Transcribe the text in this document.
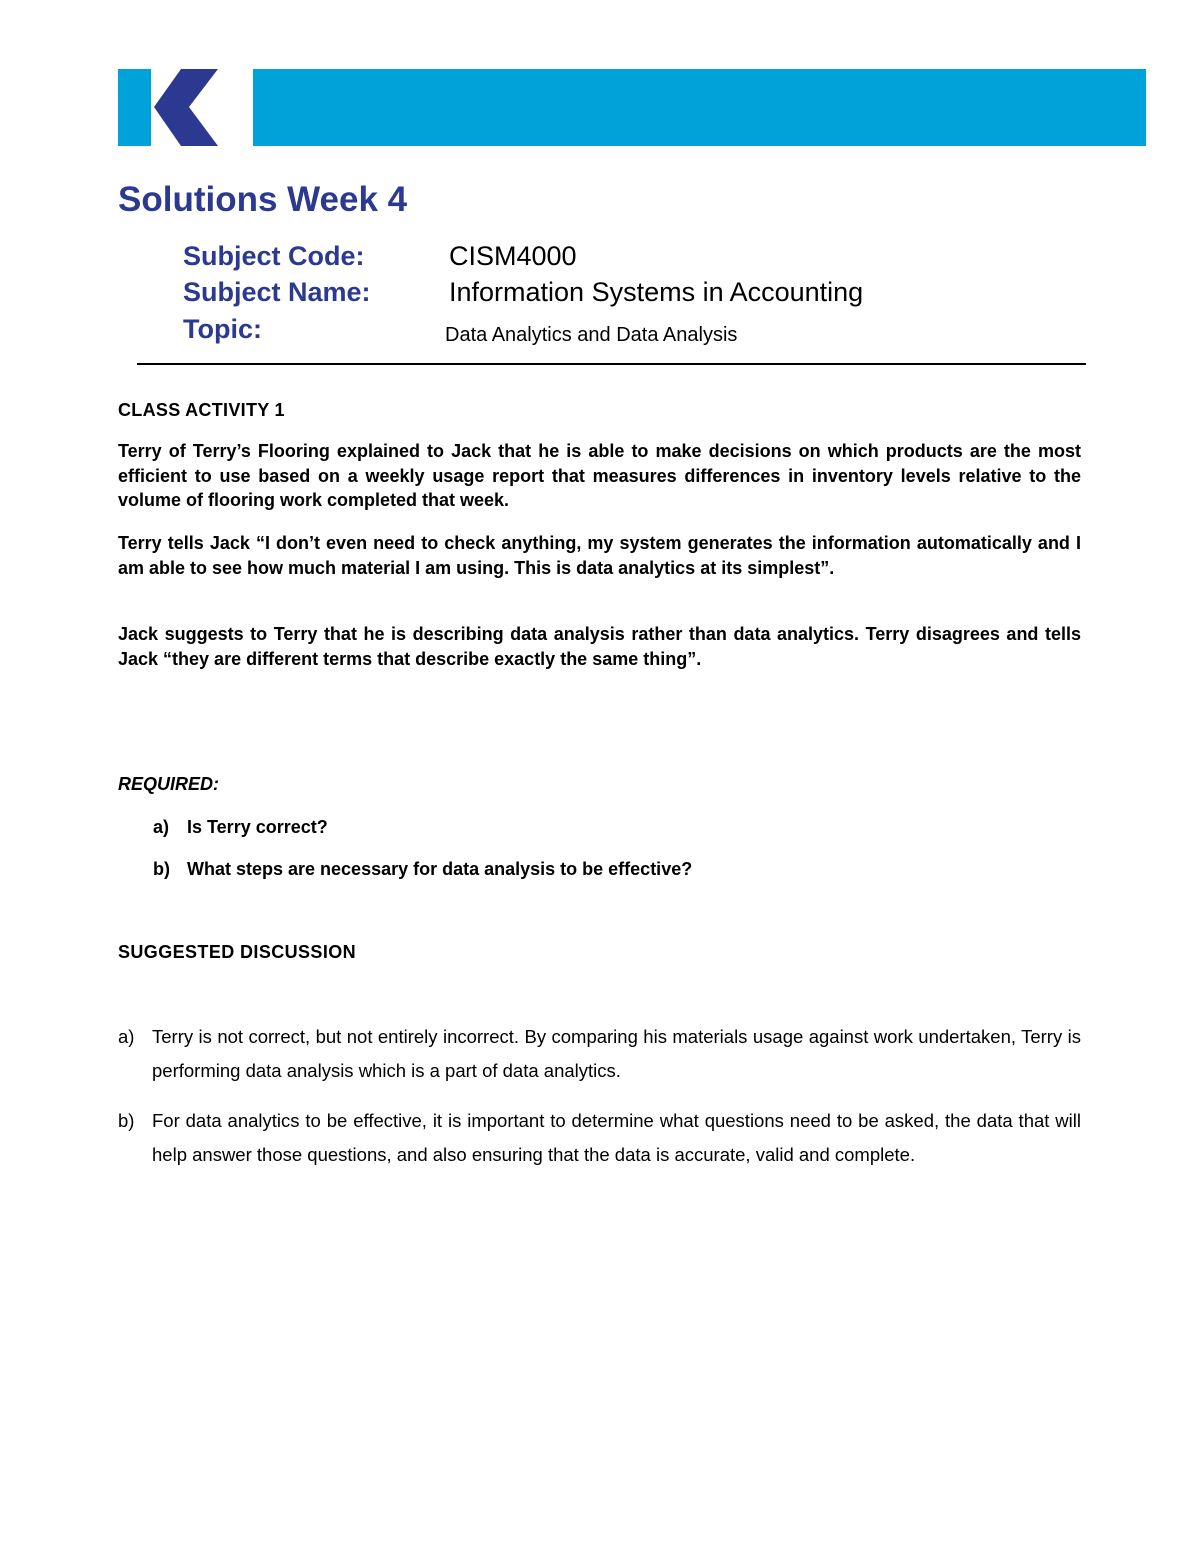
Solutions Week 4
Subject Code:	CISM4000
Subject Name:	Information Systems in Accounting
Topic:	Data Analytics and Data Analysis
CLASS ACTIVITY 1

Terry of Terry’s Flooring explained to Jack that he is able to make decisions on which products are the most efficient to use based on a weekly usage report that measures differences in inventory levels relative to the volume of flooring work completed that week.

Terry tells Jack “I don’t even need to check anything, my system generates the information automatically and I am able to see how much material I am using. This is data analytics at its simplest”.

Jack suggests to Terry that he is describing data analysis rather than data analytics. Terry disagrees and tells Jack “they are different terms that describe exactly the same thing”.

REQUIRED:
a) Is Terry correct?
b) What steps are necessary for data analysis to be effective?
SUGGESTED DISCUSSION
a) Terry is not correct, but not entirely incorrect. By comparing his materials usage against work undertaken, Terry is performing data analysis which is a part of data analytics.
b) For data analytics to be effective, it is important to determine what questions need to be asked, the data that will help answer those questions, and also ensuring that the data is accurate, valid and complete.
